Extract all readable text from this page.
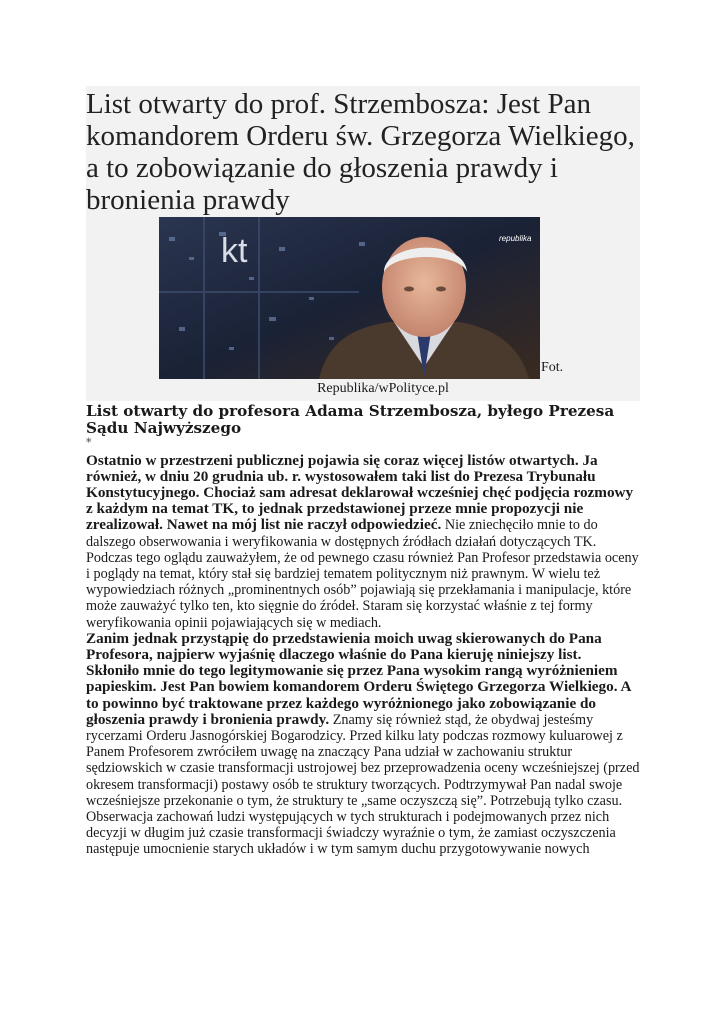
List otwarty do prof. Strzembosza: Jest Pan komandorem Orderu św. Grzegorza Wielkiego, a to zobowiązanie do głoszenia prawdy i bronienia prawdy
kt	republika
Fot.
Republika/wPolityce.pl

List otwarty do profesora Adama Strzembosza, byłego Prezesa Sądu Najwyższego

*

Ostatnio w przestrzeni publicznej pojawia się coraz więcej listów otwartych. Ja również, w dniu 20 grudnia ub. r. wystosowałem taki list do Prezesa Trybunału Konstytucyjnego. Chociaż sam adresat deklarował wcześniej chęć podjęcia rozmowy z każdym na temat TK, to jednak przedstawionej przeze mnie propozycji nie zrealizował. Nawet na mój list nie raczył odpowiedzieć. Nie zniechęciło mnie to do dalszego obserwowania i weryfikowania w dostępnych źródłach działań dotyczących TK. Podczas tego oglądu zauważyłem, że od pewnego czasu również Pan Profesor przedstawia oceny i poglądy na temat, który stał się bardziej tematem politycznym niż prawnym. W wielu też wypowiedziach różnych „prominentnych osób” pojawiają się przekłamania i manipulacje, które może zauważyć tylko ten, kto sięgnie do źródeł. Staram się korzystać właśnie z tej formy weryfikowania opinii pojawiających się w mediach.

Zanim jednak przystąpię do przedstawienia moich uwag skierowanych do Pana Profesora, najpierw wyjaśnię dlaczego właśnie do Pana kieruję niniejszy list.

Skłoniło mnie do tego legitymowanie się przez Pana wysokim rangą wyróżnieniem papieskim. Jest Pan bowiem komandorem Orderu Świętego Grzegorza Wielkiego. A to powinno być traktowane przez każdego wyróżnionego jako zobowiązanie do głoszenia prawdy i bronienia prawdy. Znamy się również stąd, że obydwaj jesteśmy rycerzami Orderu Jasnogórskiej Bogarodzicy. Przed kilku laty podczas rozmowy kuluarowej z Panem Profesorem zwróciłem uwagę na znaczący Pana udział w zachowaniu struktur sędziowskich w czasie transformacji ustrojowej bez przeprowadzenia oceny wcześniejszej (przed okresem transformacji) postawy osób te struktury tworzących. Podtrzymywał Pan nadal swoje wcześniejsze przekonanie o tym, że struktury te „same oczyszczą się”. Potrzebują tylko czasu. Obserwacja zachowań ludzi występujących w tych strukturach i podejmowanych przez nich decyzji w długim już czasie transformacji świadczy wyraźnie o tym, że zamiast oczyszczenia następuje umocnienie starych układów i w tym samym duchu przygotowywanie nowych
